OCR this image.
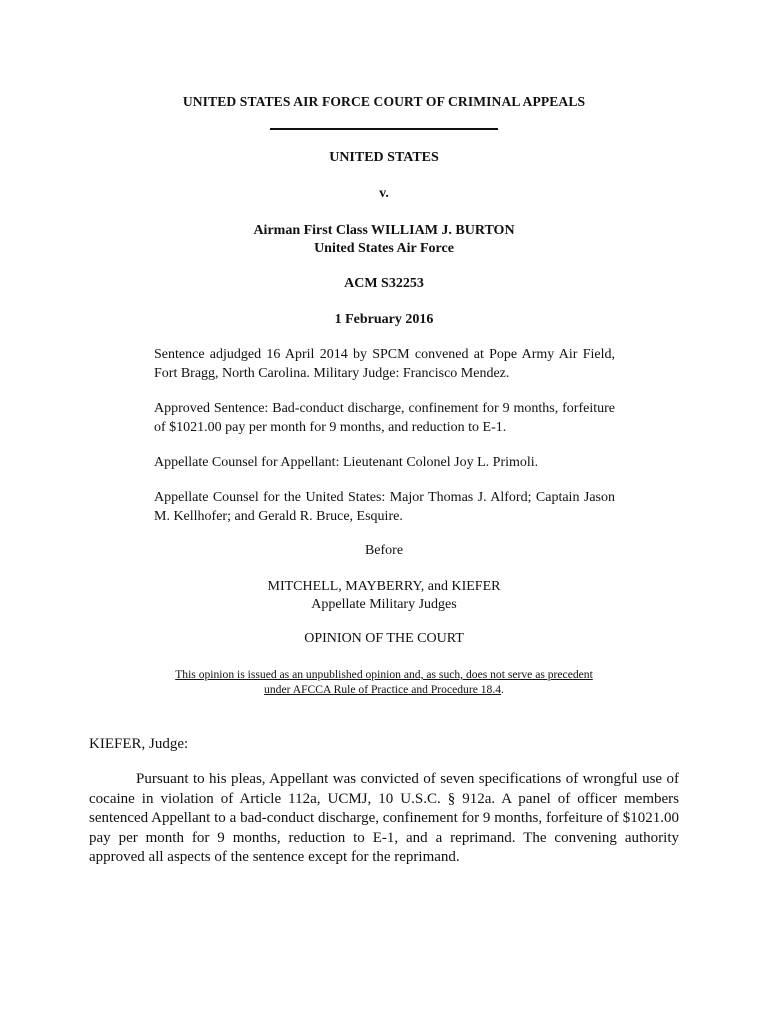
UNITED STATES AIR FORCE COURT OF CRIMINAL APPEALS
UNITED STATES
v.
Airman First Class WILLIAM J. BURTON
United States Air Force
ACM S32253
1 February 2016
Sentence adjudged 16 April 2014 by SPCM convened at Pope Army Air Field, Fort Bragg, North Carolina. Military Judge: Francisco Mendez.
Approved Sentence: Bad-conduct discharge, confinement for 9 months, forfeiture of $1021.00 pay per month for 9 months, and reduction to E-1.
Appellate Counsel for Appellant: Lieutenant Colonel Joy L. Primoli.
Appellate Counsel for the United States: Major Thomas J. Alford; Captain Jason M. Kellhofer; and Gerald R. Bruce, Esquire.
Before
MITCHELL, MAYBERRY, and KIEFER
Appellate Military Judges
OPINION OF THE COURT
This opinion is issued as an unpublished opinion and, as such, does not serve as precedent
under AFCCA Rule of Practice and Procedure 18.4.
KIEFER, Judge:
Pursuant to his pleas, Appellant was convicted of seven specifications of wrongful use of cocaine in violation of Article 112a, UCMJ, 10 U.S.C. § 912a. A panel of officer members sentenced Appellant to a bad-conduct discharge, confinement for 9 months, forfeiture of $1021.00 pay per month for 9 months, reduction to E-1, and a reprimand. The convening authority approved all aspects of the sentence except for the reprimand.
